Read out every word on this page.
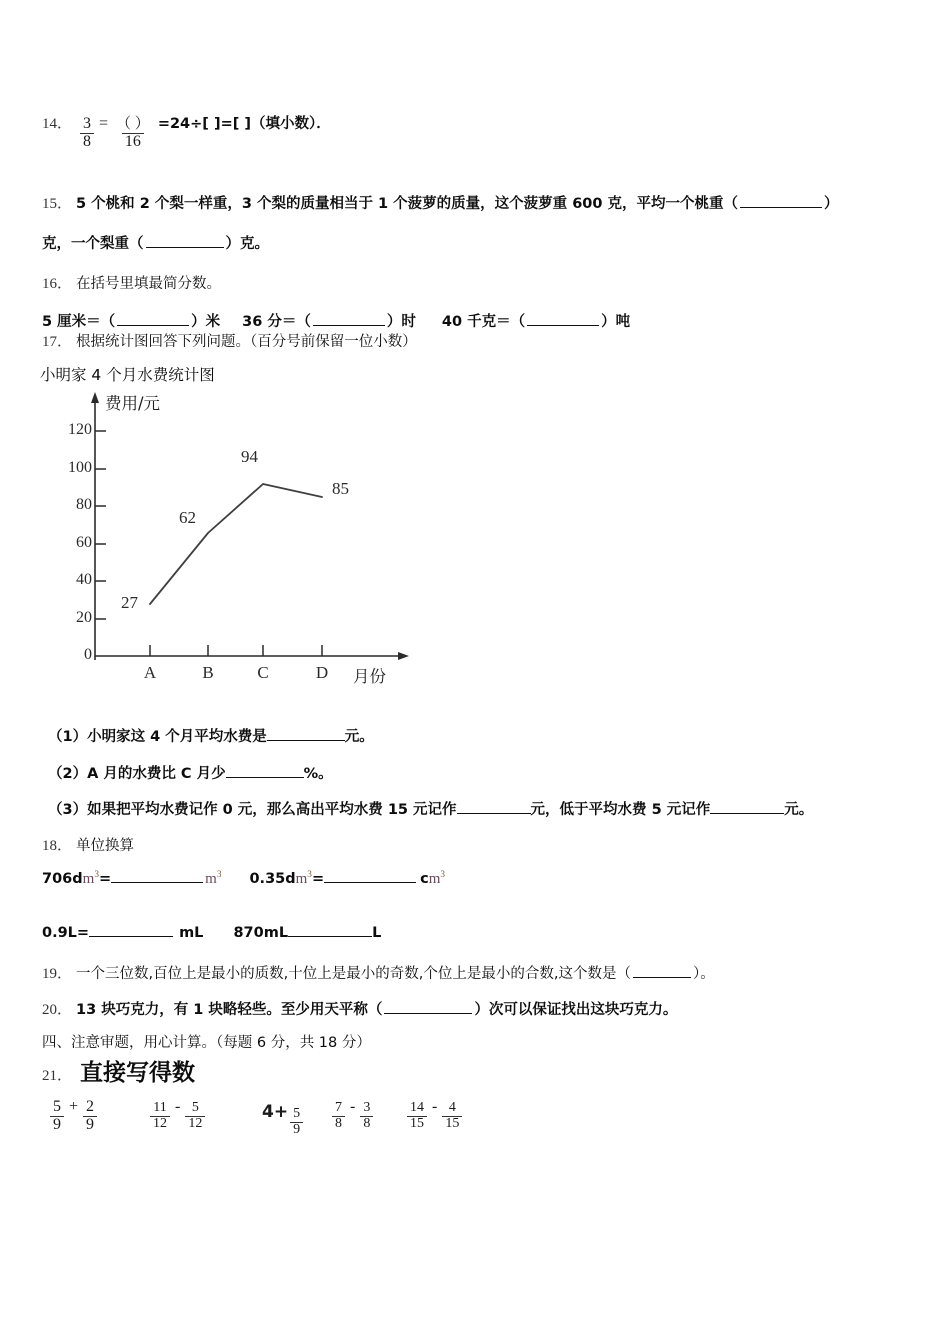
14． $\frac{3}{8} = \frac{( )}{16} =24\div$[ ]=[ ]（填小数）．
15． 5 个桃和 2 个梨一样重，3 个梨的质量相当于 1 个菠萝的质量，这个菠萝重 600 克，平均一个桃重（	）
克，一个梨重（	）克。
16． 在括号里填最简分数。
5 厘米＝（	）米 36 分＝（	）时 40 千克＝（	）吨
17． 根据统计图回答下列问题。（百分号前保留一位小数）
小明家 4 个月水费统计图
120
100
80
60
40
20
0
费用/元
A	B	C	D	月份
27
62
94
85
（1）小明家这 4 个月平均水费是	元。
（2）A 月的水费比 C 月少	%。
（3）如果把平均水费记作 0 元，那么高出平均水费 15 元记作	元，低于平均水费 5 元记作	元。
18． 单位换算
706d $m^3$ =	$m^3$ 0.35d $m^3$ =	c $m^3$
0.9L=	mL 870mL	L
19． 一个三位数,百位上是最小的质数,十位上是最小的奇数,个位上是最小的合数,这个数是（	）。
20． 13 块巧克力，有 1 块略轻些。至少用天平称（	）次可以保证找出这块巧克力。
四、注意审题，用心计算。（每题 6 分，共 18 分）
21． 直接写得数
$\frac{5}{9} + \frac{2}{9}$	$\frac{11}{12} - \frac{5}{12}$	$4+ \frac{5}{9} \frac{7}{8} - \frac{3}{8} \frac{14}{15} - \frac{4}{15}$
